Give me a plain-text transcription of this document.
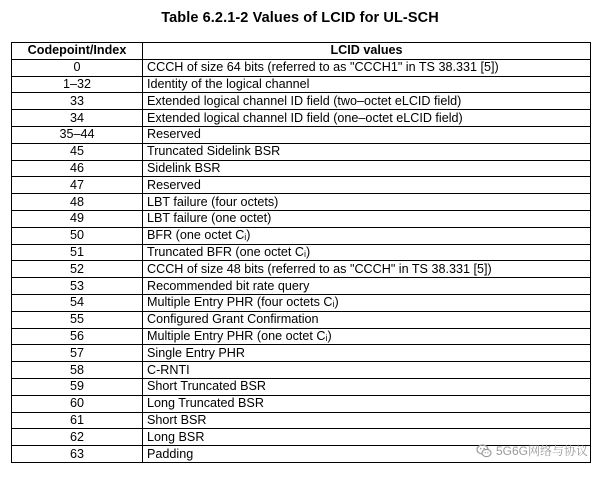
Table 6.2.1-2 Values of LCID for UL-SCH
Codepoint/Index	LCID values
0	CCCH of size 64 bits (referred to as "CCCH1" in TS 38.331 [5])
1–32	Identity of the logical channel
33	Extended logical channel ID field (two–octet eLCID field)
34	Extended logical channel ID field (one–octet eLCID field)
35–44	Reserved
45	Truncated Sidelink BSR
46	Sidelink BSR
47	Reserved
48	LBT failure (four octets)
49	LBT failure (one octet)
50	BFR (one octet Cᵢ)
51	Truncated BFR (one octet Cᵢ)
52	CCCH of size 48 bits (referred to as "CCCH" in TS 38.331 [5])
53	Recommended bit rate query
54	Multiple Entry PHR (four octets Cᵢ)
55	Configured Grant Confirmation
56	Multiple Entry PHR (one octet Cᵢ)
57	Single Entry PHR
58	C-RNTI
59	Short Truncated BSR
60	Long Truncated BSR
61	Short BSR
62	Long BSR
63	Padding	5G6G网络与协议
